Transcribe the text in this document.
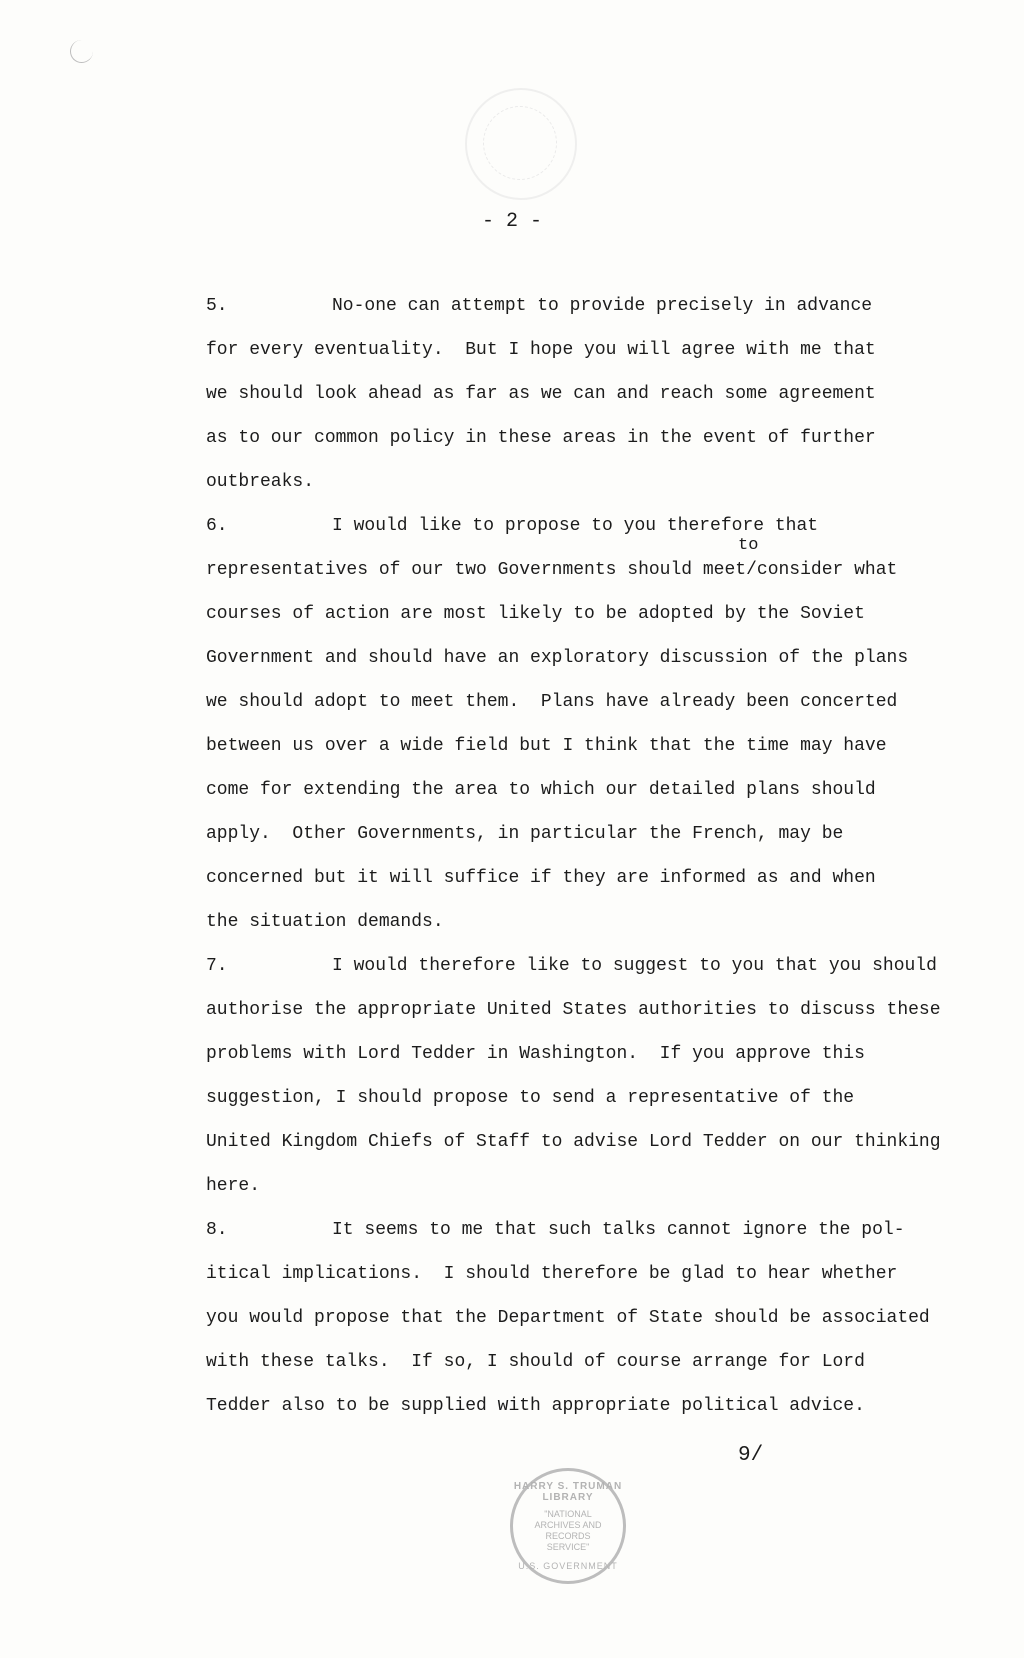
- 2 -
5.	No-one can attempt to provide precisely in advance
for every eventuality.  But I hope you will agree with me that
we should look ahead as far as we can and reach some agreement
as to our common policy in these areas in the event of further
outbreaks.
6.	I would like to propose to you therefore that
to
representatives of our two Governments should meet/consider what
courses of action are most likely to be adopted by the Soviet
Government and should have an exploratory discussion of the plans
we should adopt to meet them.  Plans have already been concerted
between us over a wide field but I think that the time may have
come for extending the area to which our detailed plans should
apply.  Other Governments, in particular the French, may be
concerned but it will suffice if they are informed as and when
the situation demands.
7.	I would therefore like to suggest to you that you should
authorise the appropriate United States authorities to discuss these
problems with Lord Tedder in Washington.  If you approve this
suggestion, I should propose to send a representative of the
United Kingdom Chiefs of Staff to advise Lord Tedder on our thinking
here.
8.	It seems to me that such talks cannot ignore the pol-
itical implications.  I should therefore be glad to hear whether
you would propose that the Department of State should be associated
with these talks.  If so, I should of course arrange for Lord
Tedder also to be supplied with appropriate political advice.
9/
HARRY S. TRUMAN LIBRARY
"NATIONAL ARCHIVES AND RECORDS SERVICE"
U.S. GOVERNMENT
